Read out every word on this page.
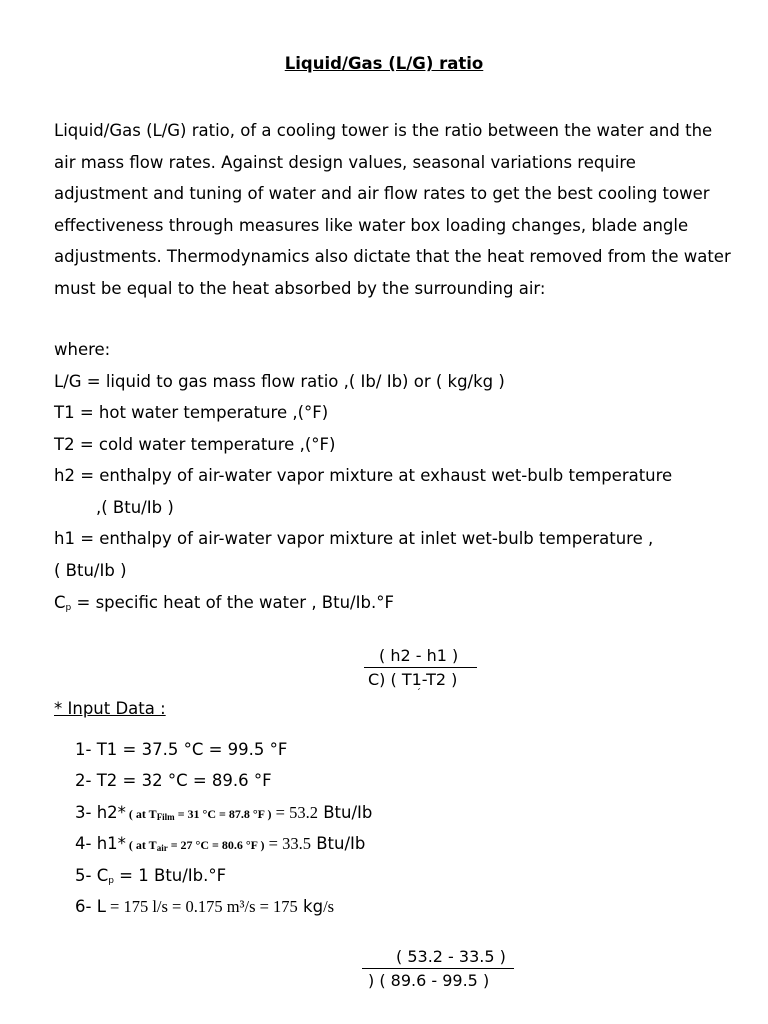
Liquid/Gas (L/G) ratio

Liquid/Gas (L/G) ratio, of a cooling tower is the ratio between the water and the air mass flow rates. Against design values, seasonal variations require adjustment and tuning of water and air flow rates to get the best cooling tower effectiveness through measures like water box loading changes, blade angle adjustments. Thermodynamics also dictate that the heat removed from the water must be equal to the heat absorbed by the surrounding air:

where:
L/G = liquid to gas mass flow ratio ,( Ib/ Ib) or ( kg/kg )
T1 = hot water temperature ,(°F)
T2 = cold water temperature ,(°F)
h2 = enthalpy of air-water vapor mixture at exhaust wet-bulb temperature
,( Btu/Ib )
h1 = enthalpy of air-water vapor mixture at inlet wet-bulb temperature ,
( Btu/Ib )
$C_p$ = specific heat of the water , Btu/Ib.°F
( h2 - h1 )
C) ( T1-T2 )
´
* Input Data :
1- T1 = 37.5 °C = 99.5 °F
2- T2 = 32 °C = 89.6 °F
3- h2* ( at $T_{Film} = 31$ °C = 87.8 °F ) = 53.2 Btu/Ib
4- h1* ( at $T_{air} = 27$ °C = 80.6 °F ) = 33.5 Btu/Ib
5- $C_p = 1$ Btu/Ib.°F
6- L = 175 l/s = 0.175 m³/s = 175 kg/s
( 53.2 - 33.5 )
) ( 89.6 - 99.5 )
